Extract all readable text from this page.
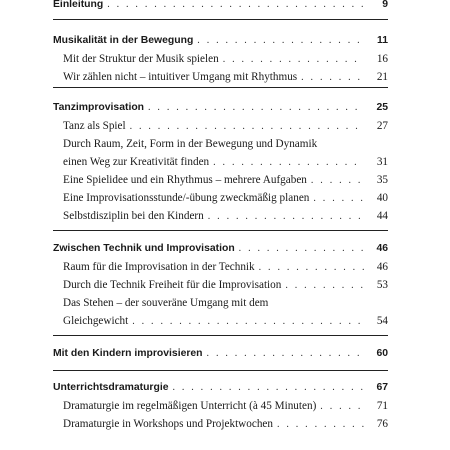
Einleitung . . .	9
Musikalität in der Bewegung . . .	11
Mit der Struktur der Musik spielen . . .	16
Wir zählen nicht – intuitiver Umgang mit Rhythmus . . .	21
Tanzimprovisation . . .	25
Tanz als Spiel . . .	27
Durch Raum, Zeit, Form in der Bewegung und Dynamik
einen Weg zur Kreativität finden . . .	31
Eine Spielidee und ein Rhythmus – mehrere Aufgaben . . .	35
Eine Improvisationsstunde/-übung zweckmäßig planen . . .	40
Selbstdisziplin bei den Kindern . . .	44
Zwischen Technik und Improvisation . . .	46
Raum für die Improvisation in der Technik . . .	46
Durch die Technik Freiheit für die Improvisation . . .	53
Das Stehen – der souveräne Umgang mit dem
Gleichgewicht . . .	54
Mit den Kindern improvisieren . . .	60
Unterrichtsdramaturgie . . .	67
Dramaturgie im regelmäßigen Unterricht (à 45 Minuten) . . .	71
Dramaturgie in Workshops und Projektwochen . . .	76
